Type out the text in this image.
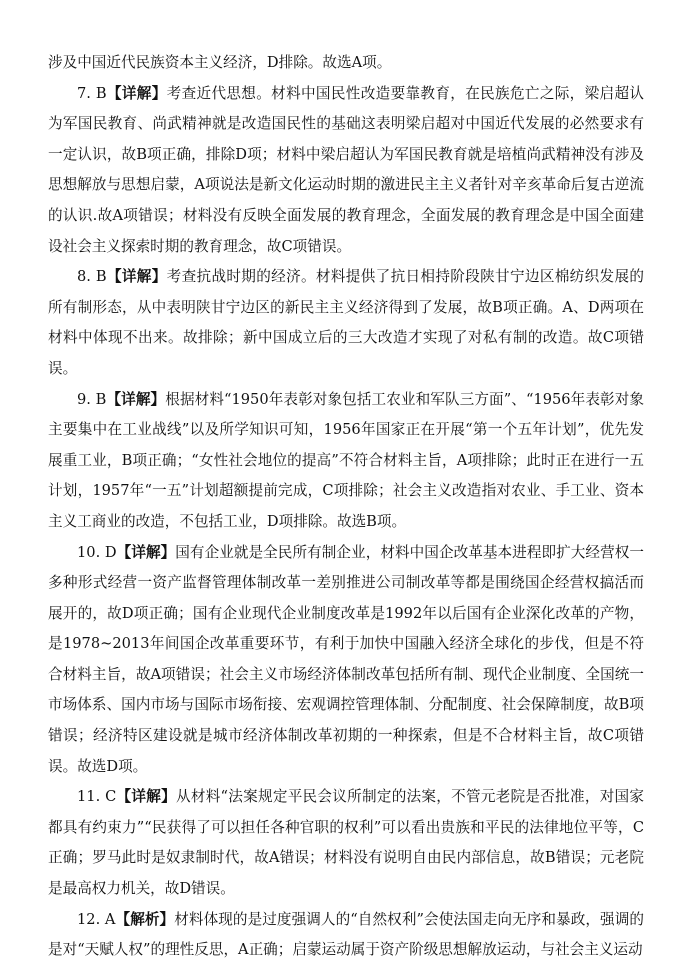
涉及中国近代民族资本主义经济，D排除。故选A项。

7. B【详解】考查近代思想。材料中国民性改造要靠教育，在民族危亡之际，梁启超认为军国民教育、尚武精神就是改造国民性的基础这表明梁启超对中国近代发展的必然要求有一定认识，故B项正确，排除D项；材料中梁启超认为军国民教育就是培植尚武精神没有涉及思想解放与思想启蒙，A项说法是新文化运动时期的激进民主主义者针对辛亥革命后复古逆流的认识.故A项错误；材料没有反映全面发展的教育理念，全面发展的教育理念是中国全面建设社会主义探索时期的教育理念，故C项错误。

8. B【详解】考查抗战时期的经济。材料提供了抗日相持阶段陕甘宁边区棉纺织发展的所有制形态，从中表明陕甘宁边区的新民主主义经济得到了发展，故B项正确。A、D两项在材料中体现不出来。故排除；新中国成立后的三大改造才实现了对私有制的改造。故C项错误。

9. B【详解】根据材料“1950年表彰对象包括工农业和军队三方面”、“1956年表彰对象主要集中在工业战线”以及所学知识可知，1956年国家正在开展“第一个五年计划”，优先发展重工业，B项正确；“女性社会地位的提高”不符合材料主旨，A项排除；此时正在进行一五计划，1957年“一五”计划超额提前完成，C项排除；社会主义改造指对农业、手工业、资本主义工商业的改造，不包括工业，D项排除。故选B项。

10. D【详解】国有企业就是全民所有制企业，材料中国企改革基本进程即扩大经营权一多种形式经营一资产监督管理体制改革一差别推进公司制改革等都是围绕国企经营权搞活而展开的，故D项正确；国有企业现代企业制度改革是1992年以后国有企业深化改革的产物，是1978~2013年间国企改革重要环节，有利于加快中国融入经济全球化的步伐，但是不符合材料主旨，故A项错误；社会主义市场经济体制改革包括所有制、现代企业制度、全国统一市场体系、国内市场与国际市场衔接、宏观调控管理体制、分配制度、社会保障制度，故B项错误；经济特区建设就是城市经济体制改革初期的一种探索，但是不合材料主旨，故C项错误。故选D项。

11. C【详解】从材料“法案规定平民会议所制定的法案，不管元老院是否批准，对国家都具有约束力”“民获得了可以担任各种官职的权利”可以看出贵族和平民的法律地位平等，C正确；罗马此时是奴隶制时代，故A错误；材料没有说明自由民内部信息，故B错误；元老院是最高权力机关，故D错误。

12. A【解析】材料体现的是过度强调人的“自然权利”会使法国走向无序和暴政，强调的是对“天赋人权”的理性反思，A正确；启蒙运动属于资产阶级思想解放运动，与社会主义运动
